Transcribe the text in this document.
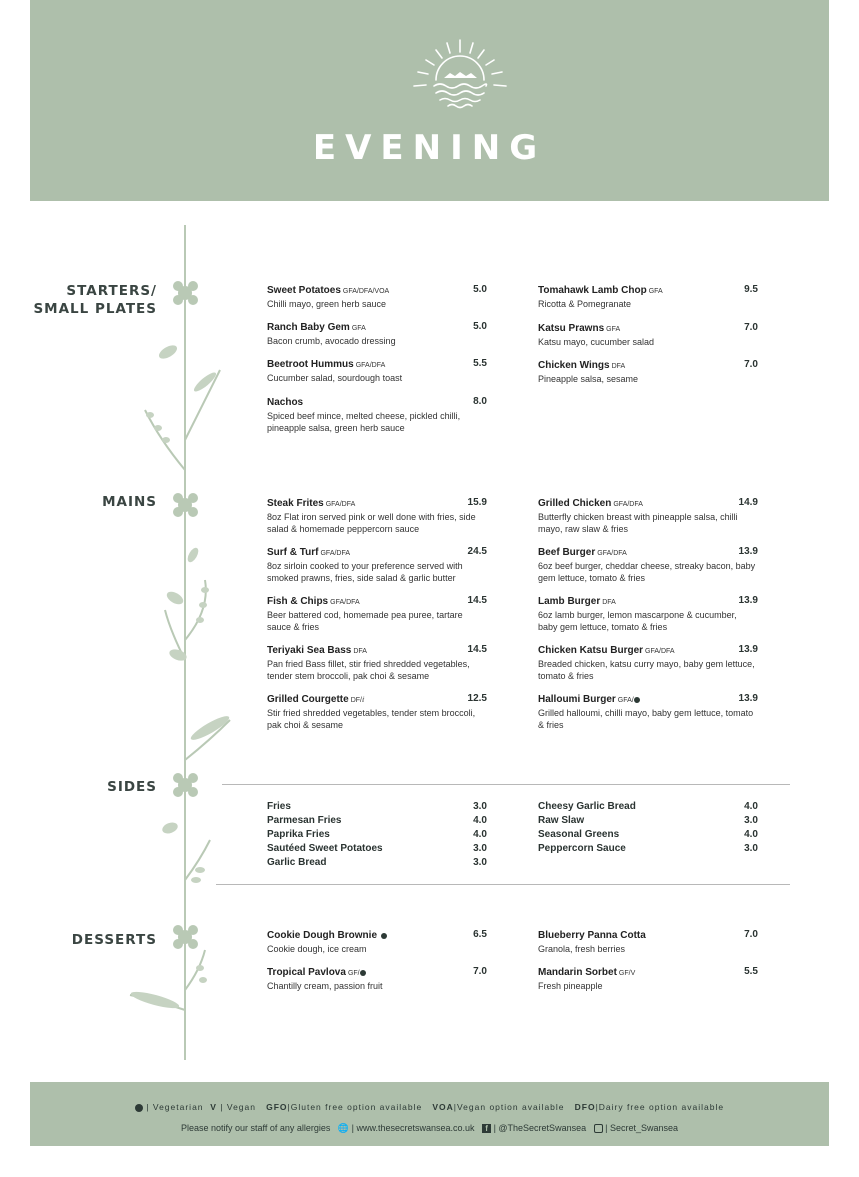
EVENING
STARTERS/
SMALL PLATES
MAINS
SIDES
DESSERTS
Sweet Potatoes GFA/DFA/VOA	5.0
Chilli mayo, green herb sauce
Ranch Baby Gem GFA	5.0
Bacon crumb, avocado dressing
Beetroot Hummus GFA/DFA	5.5
Cucumber salad, sourdough toast
Nachos	8.0
Spiced beef mince, melted cheese, pickled chilli, pineapple salsa, green herb sauce
Tomahawk Lamb Chop GFA	9.5
Ricotta & Pomegranate
Katsu Prawns GFA	7.0
Katsu mayo, cucumber salad
Chicken Wings DFA	7.0
Pineapple salsa, sesame
Steak Frites GFA/DFA	15.9
8oz Flat iron served pink or well done with fries, side salad & homemade peppercorn sauce
Surf & Turf GFA/DFA	24.5
8oz sirloin cooked to your preference served with smoked prawns, fries, side salad & garlic butter
Fish & Chips GFA/DFA	14.5
Beer battered cod, homemade pea puree, tartare sauce & fries
Teriyaki Sea Bass DFA	14.5
Pan fried Bass fillet, stir fried shredded vegetables, tender stem broccoli, pak choi & sesame
Grilled Courgette DF/ⅈ	12.5
Stir fried shredded vegetables, tender stem broccoli, pak choi & sesame
Grilled Chicken GFA/DFA	14.9
Butterfly chicken breast with pineapple salsa, chilli mayo, raw slaw & fries
Beef Burger GFA/DFA	13.9
6oz beef burger, cheddar cheese, streaky bacon, baby gem lettuce, tomato & fries
Lamb Burger DFA	13.9
6oz lamb burger, lemon mascarpone & cucumber, baby gem lettuce, tomato & fries
Chicken Katsu Burger GFA/DFA	13.9
Breaded chicken, katsu curry mayo, baby gem lettuce, tomato & fries
Halloumi Burger GFA/	13.9
Grilled halloumi, chilli mayo, baby gem lettuce, tomato & fries
Fries	3.0
Parmesan Fries	4.0
Paprika Fries	4.0
Sautéed Sweet Potatoes	3.0
Garlic Bread	3.0
Cheesy Garlic Bread	4.0
Raw Slaw	3.0
Seasonal Greens	4.0
Peppercorn Sauce	3.0
Cookie Dough Brownie	6.5
Cookie dough, ice cream
Tropical Pavlova GF/	7.0
Chantilly cream, passion fruit
Blueberry Panna Cotta	7.0
Granola, fresh berries
Mandarin Sorbet GF/V	5.5
Fresh pineapple
| Vegetarian V | Vegan GFO|Gluten free option available VOA|Vegan option available DFO|Dairy free option available
Please notify our staff of any allergies 🌐 | www.thesecretswansea.co.uk f | @TheSecretSwansea    | Secret_Swansea
